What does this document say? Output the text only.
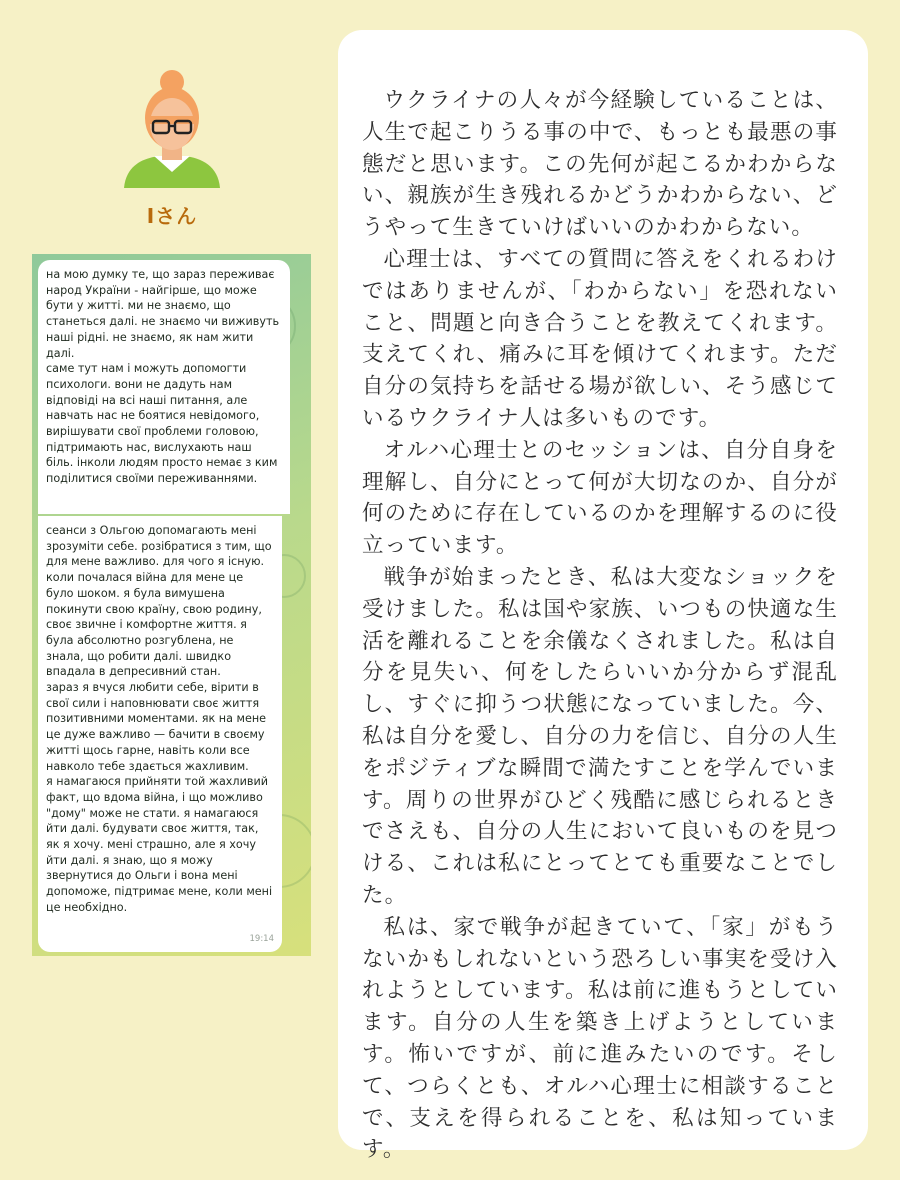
Iさん

на мою думку те, що зараз переживає народ України - найгірше, що може бути у житті. ми не знаємо, що станеться далі. не знаємо чи виживуть наші рідні. не знаємо, як нам жити далі.

саме тут нам і можуть допомогти психологи. вони не дадуть нам відповіді на всі наші питання, але навчать нас не боятися невідомого, вирішувати свої проблеми головою, підтримають нас, вислухають наш біль. інколи людям просто немає з ким поділитися своїми переживаннями.

сеанси з Ольгою допомагають мені зрозуміти себе. розібратися з тим, що для мене важливо. для чого я існую. коли почалася війна для мене це було шоком. я була вимушена покинути свою країну, свою родину, своє звичне і комфортне життя. я була абсолютно розгублена, не знала, що робити далі. швидко впадала в депресивний стан.

зараз я вчуся любити себе, вірити в свої сили і наповнювати своє життя позитивними моментами. як на мене це дуже важливо — бачити в своєму житті щось гарне, навіть коли все навколо тебе здається жахливим.

я намагаюся прийняти той жахливий факт, що вдома війна, і що можливо "дому" може не стати. я намагаюся йти далі. будувати своє життя, так, як я хочу. мені страшно, але я хочу йти далі. я знаю, що я можу звернутися до Ольги і вона мені допоможе, підтримає мене, коли мені це необхідно.

19:14

ウクライナの人々が今経験していることは、人生で起こりうる事の中で、もっとも最悪の事態だと思います。この先何が起こるかわからない、親族が生き残れるかどうかわからない、どうやって生きていけばいいのかわからない。

心理士は、すべての質問に答えをくれるわけではありませんが、「わからない」を恐れないこと、問題と向き合うことを教えてくれます。支えてくれ、痛みに耳を傾けてくれます。ただ自分の気持ちを話せる場が欲しい、そう感じているウクライナ人は多いものです。

オルハ心理士とのセッションは、自分自身を理解し、自分にとって何が大切なのか、自分が何のために存在しているのかを理解するのに役立っています。

戦争が始まったとき、私は大変なショックを受けました。私は国や家族、いつもの快適な生活を離れることを余儀なくされました。私は自分を見失い、何をしたらいいか分からず混乱し、すぐに抑うつ状態になっていました。今、私は自分を愛し、自分の力を信じ、自分の人生をポジティブな瞬間で満たすことを学んでいます。周りの世界がひどく残酷に感じられるときでさえも、自分の人生において良いものを見つける、これは私にとってとても重要なことでした。

私は、家で戦争が起きていて、「家」がもうないかもしれないという恐ろしい事実を受け入れようとしています。私は前に進もうとしています。自分の人生を築き上げようとしています。怖いですが、前に進みたいのです。そして、つらくとも、オルハ心理士に相談することで、支えを得られることを、私は知っています。
